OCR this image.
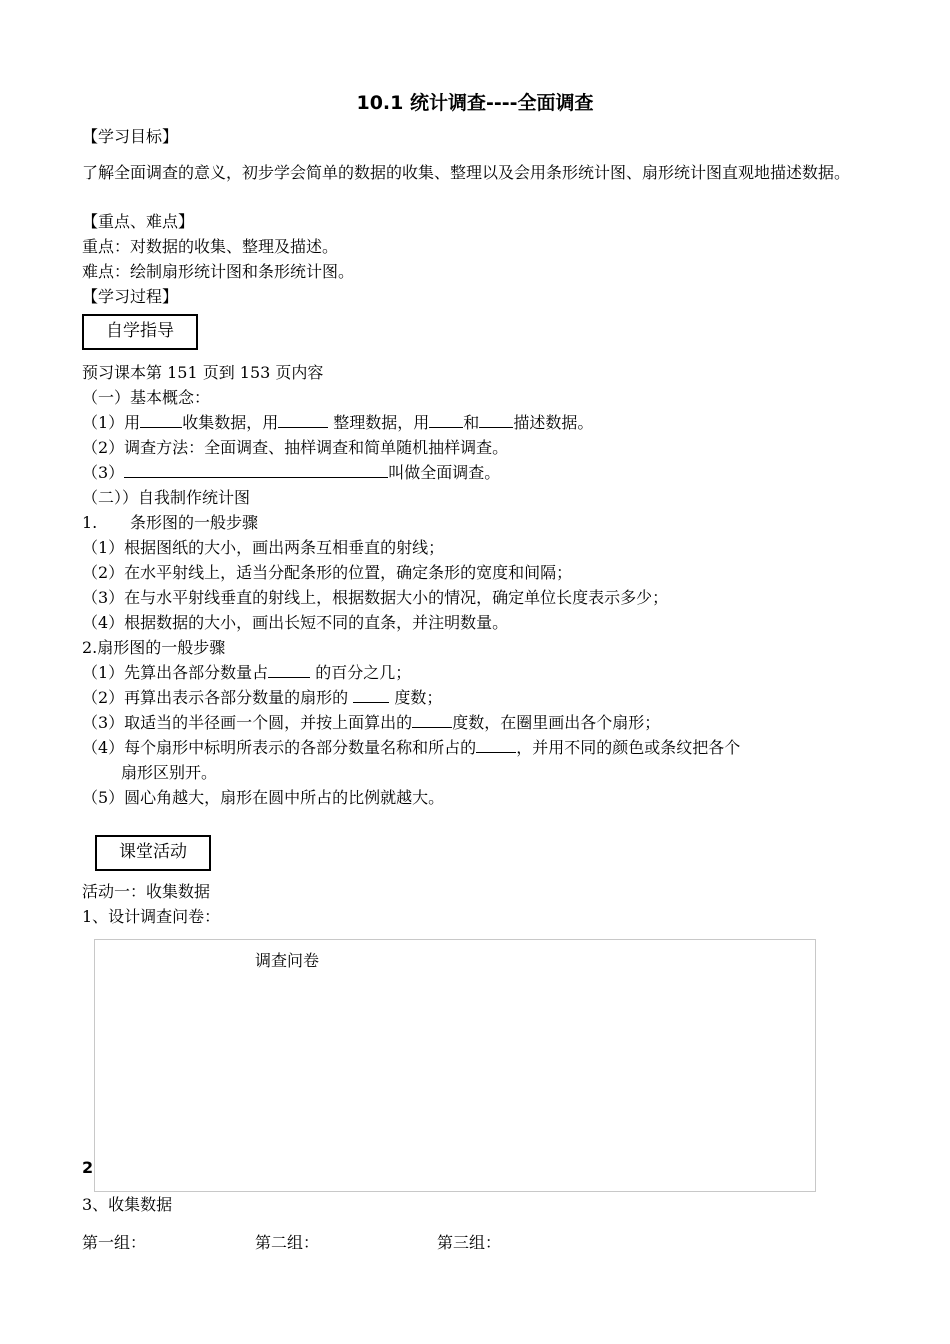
10.1 统计调查----全面调查
【学习目标】
了解全面调查的意义，初步学会简单的数据的收集、整理以及会用条形统计图、扇形统计图直观地描述数据。
【重点、难点】
重点：对数据的收集、整理及描述。
难点：绘制扇形统计图和条形统计图。
【学习过程】
自学指导
预习课本第 151 页到 153 页内容
（一）基本概念：
（1）用	收集数据，用	整理数据，用 和 描述数据。
（2）调查方法：全面调查、抽样调查和简单随机抽样调查。
（3）	叫做全面调查。
（二））自我制作统计图
1. 条形图的一般步骤
（1）根据图纸的大小，画出两条互相垂直的射线；
（2）在水平射线上，适当分配条形的位置，确定条形的宽度和间隔；
（3）在与水平射线垂直的射线上，根据数据大小的情况，确定单位长度表示多少；
（4）根据数据的大小，画出长短不同的直条，并注明数量。
2.扇形图的一般步骤
（1）先算出各部分数量占	的百分之几；
（2）再算出表示各部分数量的扇形的  度数；
（3）取适当的半径画一个圆，并按上面算出的	度数，在圈里画出各个扇形；
（4）每个扇形中标明所表示的各部分数量名称和所占的	，并用不同的颜色或条纹把各个
扇形区别开。
（5）圆心角越大，扇形在圆中所占的比例就越大。
课堂活动
活动一：收集数据
1、设计调查问卷：
调查问卷
2
3、收集数据
第一组：	第二组：	第三组：
